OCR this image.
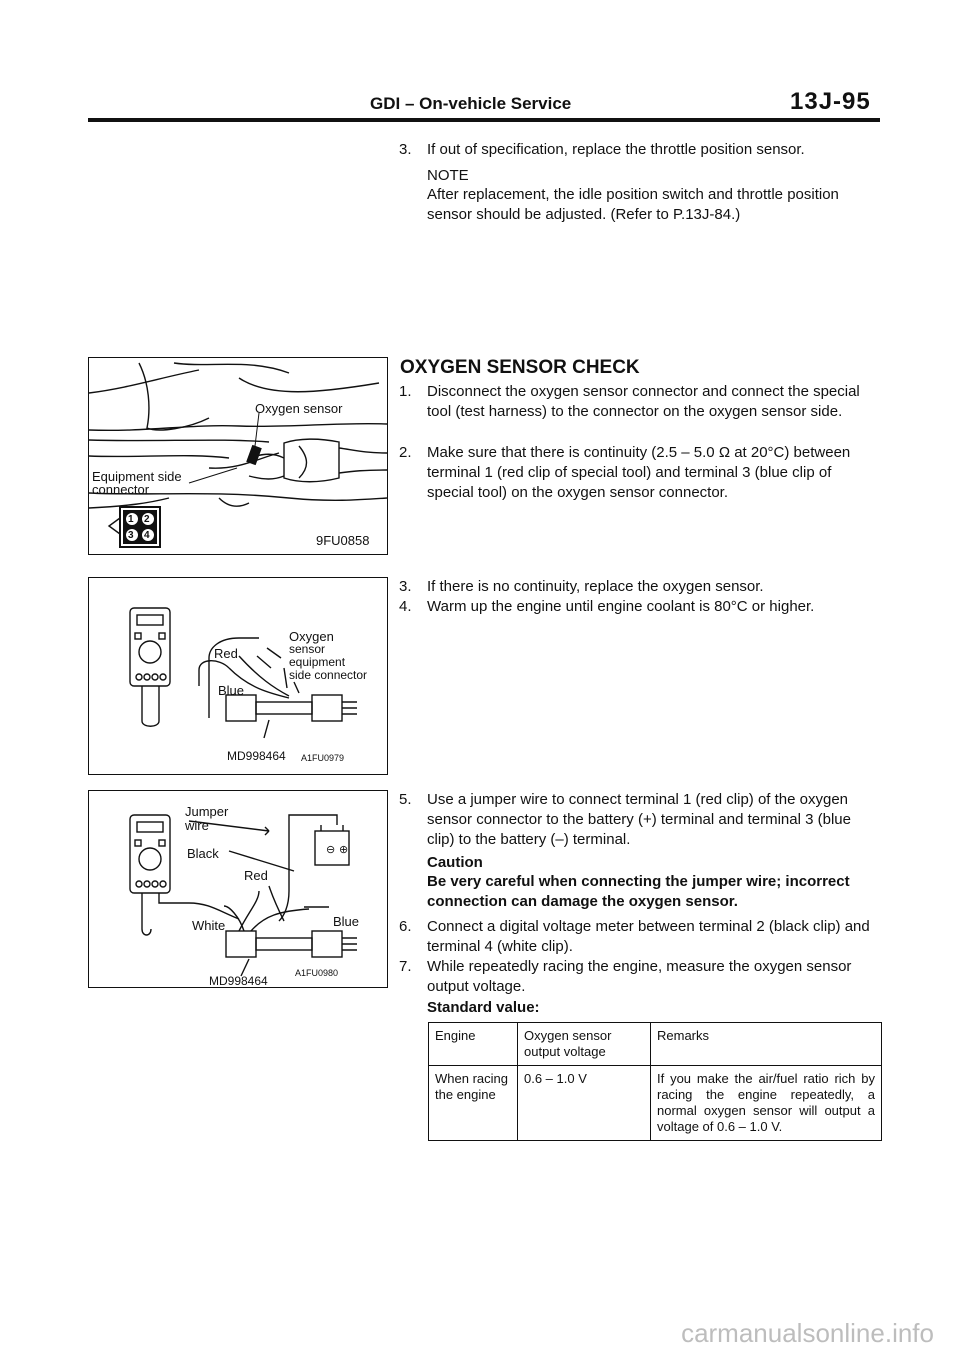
GDI – On-vehicle Service	13J-95
3. If out of specification, replace the throttle position sensor.
NOTE
After replacement, the idle position switch and throttle position sensor should be adjusted. (Refer to P.13J-84.)
OXYGEN SENSOR CHECK
1. Disconnect the oxygen sensor connector and connect the special tool (test harness) to the connector on the oxygen sensor side.
2. Make sure that there is continuity (2.5 – 5.0 Ω at 20°C) between terminal 1 (red clip of special tool) and terminal 3 (blue clip of special tool) on the oxygen sensor connector.
3. If there is no continuity, replace the oxygen sensor.
4. Warm up the engine until engine coolant is 80°C or higher.
5. Use a jumper wire to connect terminal 1 (red clip) of the oxygen sensor connector to the battery (+) terminal and terminal 3 (blue clip) to the battery (–) terminal.
Caution
Be very careful when connecting the jumper wire; incorrect connection can damage the oxygen sensor.
6. Connect a digital voltage meter between terminal 2 (black clip) and terminal 4 (white clip).
7. While repeatedly racing the engine, measure the oxygen sensor output voltage.
Standard value:
Engine	Oxygen sensor output voltage	Remarks
When racing the engine	0.6 – 1.0 V	If you make the air/fuel ratio rich by racing the engine repeatedly, a normal oxygen sensor will output a voltage of 0.6 – 1.0 V.
Oxygen sensor
Equipment side
connector
1
9FU0858
2
3	4
Oxygen
sensor
equipment
side connector
Red
Blue
MD998464 A1FU0979
⊖ ⊕
Jumper
wire
Black
Red
White	Blue
MD998464
A1FU0980
carmanualsonline.info
